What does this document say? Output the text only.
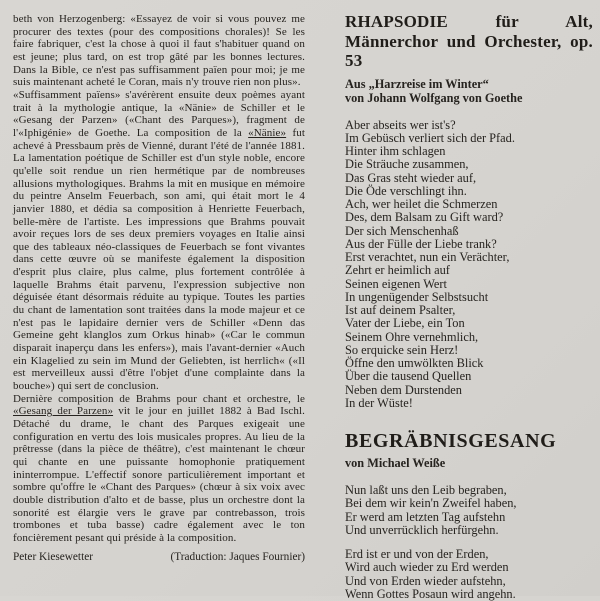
beth von Herzogenberg: «Essayez de voir si vous pouvez me procurer des textes (pour des compositions chorales)! Se les faire fabriquer, c'est la chose à quoi il faut s'habituer quand on est jeune; plus tard, on est trop gâté par les bonnes lectures. Dans la Bible, ce n'est pas suffisamment païen pour moi; je me suis maintenant acheté le Coran, mais n'y trouve rien non plus».
«Suffisamment païens» s'avérèrent ensuite deux poèmes ayant trait à la mythologie antique, la «Nänie» de Schiller et le «Gesang der Parzen» («Chant des Parques»), fragment de l'«Iphigénie» de Goethe. La composition de la «Nänie» fut achevé à Pressbaum près de Vienné, durant l'été de l'année 1881. La lamentation poétique de Schiller est d'un style noble, encore qu'elle soit rendue un rien hermétique par de nombreuses allusions mythologiques. Brahms la mit en musique en mémoire du peintre Anselm Feuerbach, son ami, qui était mort le 4 janvier 1880, et dédia sa composition à Henriette Feuerbach, belle-mère de l'artiste. Les impressions que Brahms pouvait avoir reçues lors de ses deux premiers voyages en Italie ainsi que des tableaux néo-classiques de Feuerbach se font vivantes dans cette œuvre où se manifeste également la disposition d'esprit plus claire, plus calme, plus fortement contrôlée à laquelle Brahms était parvenu, l'expression subjective non déguisée étant désormais réduite au typique. Toutes les parties du chant de lamentation sont traitées dans la mode majeur et ce n'est pas le lapidaire dernier vers de Schiller «Denn das Gemeine geht klanglos zum Orkus hinab» («Car le commun disparait inaperçu dans les enfers»), mais l'avant-dernier «Auch ein Klagelied zu sein im Mund der Geliebten, ist herrlich« («Il est merveilleux aussi d'être l'objet d'une complainte dans la bouche») qui sert de conclusion.
Dernière composition de Brahms pour chant et orchestre, le «Gesang der Parzen» vit le jour en juillet 1882 à Bad Ischl. Détaché du drame, le chant des Parques exigeait une configuration en vertu des lois musicales propres. Au lieu de la prêtresse (dans la pièce de théâtre), c'est maintenant le chœur qui chante en une puissante homophonie pratiquement ininterrompue. L'effectif sonore particulièrement important et sombre qu'offre le «Chant des Parques» (chœur à six voix avec double distribution d'alto et de basse, plus un orchestre dont la sonorité est élargie vers le grave par contrebasson, trois trombones et tuba basse) cadre également avec le ton foncièrement pesant qui préside à la composition.
Peter Kiesewetter	(Traduction: Jaques Fournier)
RHAPSODIE für Alt, Männerchor und Orchester, op. 53
Aus „Harzreise im Winter“
von Johann Wolfgang von Goethe
Aber abseits wer ist's?
Im Gebüsch verliert sich der Pfad.
Hinter ihm schlagen
Die Sträuche zusammen,
Das Gras steht wieder auf,
Die Öde verschlingt ihn.
Ach, wer heilet die Schmerzen
Des, dem Balsam zu Gift ward?
Der sich Menschenhaß
Aus der Fülle der Liebe trank?
Erst verachtet, nun ein Verächter,
Zehrt er heimlich auf
Seinen eigenen Wert
In ungenügender Selbstsucht
Ist auf deinem Psalter,
Vater der Liebe, ein Ton
Seinem Ohre vernehmlich,
So erquicke sein Herz!
Öffne den umwölkten Blick
Über die tausend Quellen
Neben dem Durstenden
In der Wüste!
BEGRÄBNISGESANG
von Michael Weiße
Nun laßt uns den Leib begraben,
Bei dem wir kein'n Zweifel haben,
Er werd am letzten Tag aufstehn
Und unverrücklich herfürgehn.
Erd ist er und von der Erden,
Wird auch wieder zu Erd werden
Und von Erden wieder aufstehn,
Wenn Gottes Posaun wird angehn.
